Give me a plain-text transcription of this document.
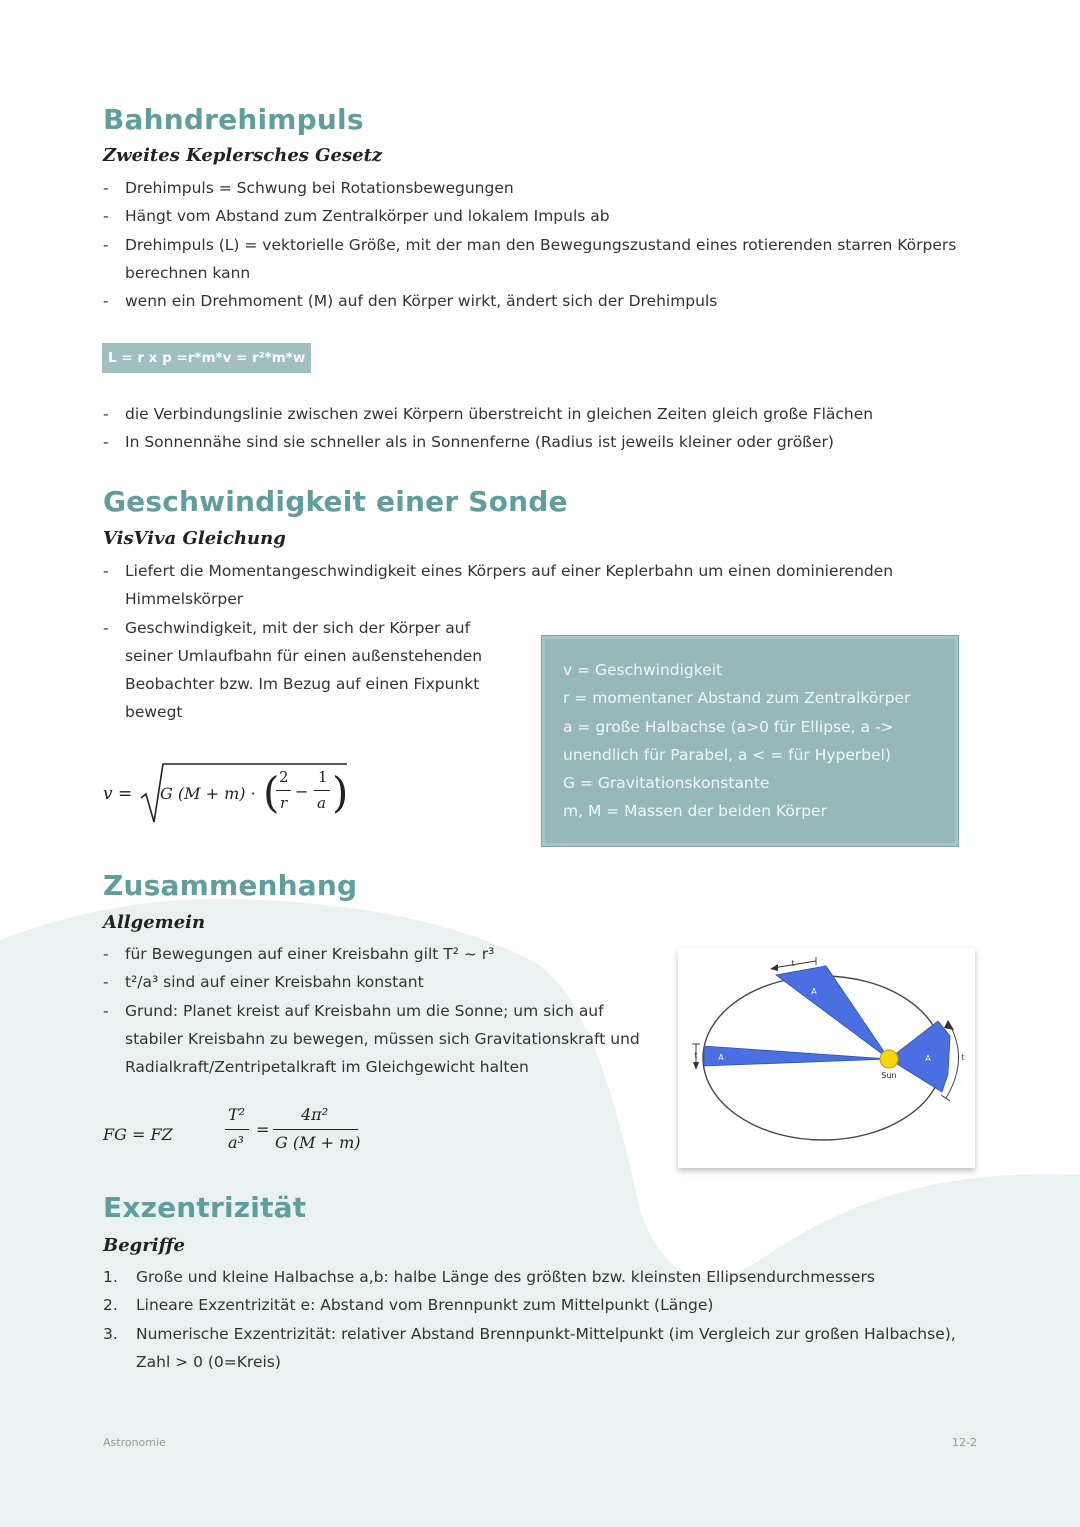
Bahndrehimpuls
Zweites Keplersches Gesetz
- Drehimpuls = Schwung bei Rotationsbewegungen
- Hängt vom Abstand zum Zentralkörper und lokalem Impuls ab
- Drehimpuls (L) = vektorielle Größe, mit der man den Bewegungszustand eines rotierenden starren Körpers
berechnen kann
- wenn ein Drehmoment (M) auf den Körper wirkt, ändert sich der Drehimpuls
L = r x p =r*m*v = r²*m*w
- die Verbindungslinie zwischen zwei Körpern überstreicht in gleichen Zeiten gleich große Flächen
- In Sonnennähe sind sie schneller als in Sonnenferne (Radius ist jeweils kleiner oder größer)
Geschwindigkeit einer Sonde
VisViva Gleichung
- Liefert die Momentangeschwindigkeit eines Körpers auf einer Keplerbahn um einen dominierenden
Himmelskörper
- Geschwindigkeit, mit der sich der Körper auf
seiner Umlaufbahn für einen außenstehenden
Beobachter bzw. Im Bezug auf einen Fixpunkt
bewegt
v = Geschwindigkeit
r = momentaner Abstand zum Zentralkörper
a = große Halbachse (a>0 für Ellipse, a ->
unendlich für Parabel, a < = für Hyperbel)
G = Gravitationskonstante
m, M = Massen der beiden Körper
v = G (M + m) · ( 2
r
−
1
a )
Zusammenhang
Allgemein
- für Bewegungen auf einer Kreisbahn gilt T² ~ r³
- t²/a³ sind auf einer Kreisbahn konstant
- Grund: Planet kreist auf Kreisbahn um die Sonne; um sich auf
stabiler Kreisbahn zu bewegen, müssen sich Gravitationskraft und
Radialkraft/Zentripetalkraft im Gleichgewicht halten
FG = FZ
T²
a³
=
4π²
G (M + m)
Sun
A
A
A
t
t	t
Exzentrizität
Begriffe
1. Große und kleine Halbachse a,b: halbe Länge des größten bzw. kleinsten Ellipsendurchmessers
2. Lineare Exzentrizität e: Abstand vom Brennpunkt zum Mittelpunkt (Länge)
3. Numerische Exzentrizität: relativer Abstand Brennpunkt-Mittelpunkt (im Vergleich zur großen Halbachse),
Zahl > 0 (0=Kreis)
Astronomie	12-2
